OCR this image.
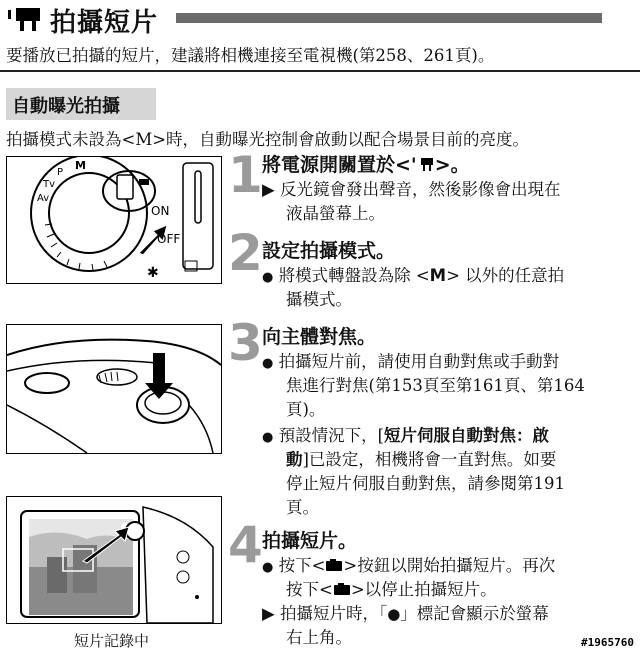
拍攝短片
要播放已拍攝的短片，建議將相機連接至電視機(第258、261頁)。
自動曝光拍攝
拍攝模式未設為<M>時，自動曝光控制會啟動以配合場景目前的亮度。
Av
Tv
P
M
ON
OFF
✱
1 將電源開關置於<' >。
▶ 反光鏡會發出聲音，然後影像會出現在
液晶螢幕上。
2 設定拍攝模式。
● 將模式轉盤設為除 <M> 以外的任意拍
攝模式。
3 向主體對焦。
● 拍攝短片前，請使用自動對焦或手動對
焦進行對焦(第153頁至第161頁、第164
頁)。
● 預設情況下，[短片伺服自動對焦：啟
動]已設定，相機將會一直對焦。如要
停止短片伺服自動對焦，請參閱第191
頁。
短片記錄中
4 拍攝短片。
● 按下< >按鈕以開始拍攝短片。再次
按下< >以停止拍攝短片。
▶ 拍攝短片時，「●」標記會顯示於螢幕
右上角。	#1965760
